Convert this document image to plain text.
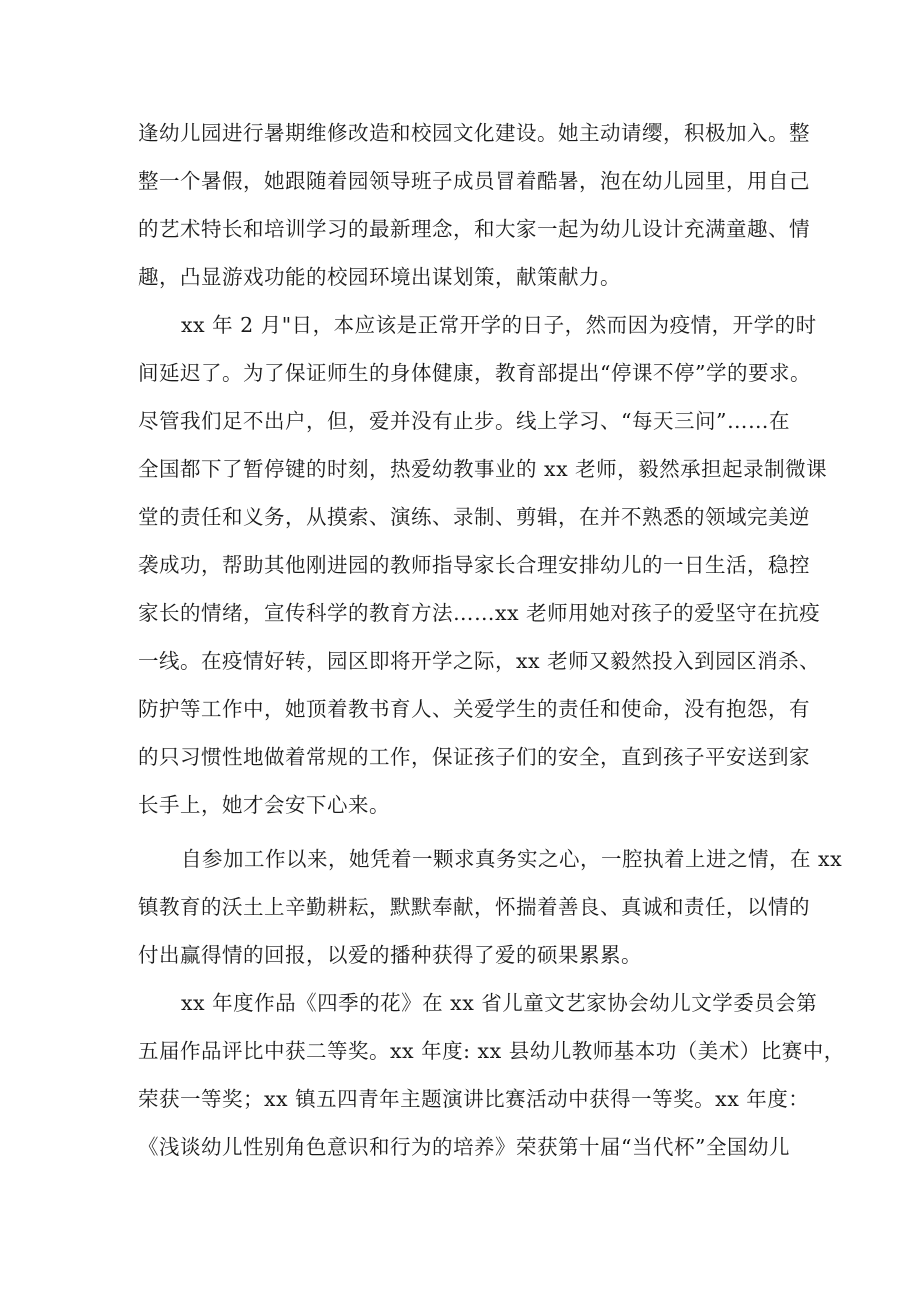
逢幼儿园进行暑期维修改造和校园文化建设。她主动请缨，积极加入。整
整一个暑假，她跟随着园领导班子成员冒着酷暑，泡在幼儿园里，用自己
的艺术特长和培训学习的最新理念，和大家一起为幼儿设计充满童趣、情
趣，凸显游戏功能的校园环境出谋划策，献策献力。
xx 年 2 月"日，本应该是正常开学的日子，然而因为疫情，开学的时
间延迟了。为了保证师生的身体健康，教育部提出“停课不停”学的要求。
尽管我们足不出户，但，爱并没有止步。线上学习、“每天三问”……在
全国都下了暂停键的时刻，热爱幼教事业的 xx 老师，毅然承担起录制微课
堂的责任和义务，从摸索、演练、录制、剪辑，在并不熟悉的领域完美逆
袭成功，帮助其他刚进园的教师指导家长合理安排幼儿的一日生活，稳控
家长的情绪，宣传科学的教育方法……xx 老师用她对孩子的爱坚守在抗疫
一线。在疫情好转，园区即将开学之际，xx 老师又毅然投入到园区消杀、
防护等工作中，她顶着教书育人、关爱学生的责任和使命，没有抱怨，有
的只习惯性地做着常规的工作，保证孩子们的安全，直到孩子平安送到家
长手上，她才会安下心来。
自参加工作以来，她凭着一颗求真务实之心，一腔执着上进之情，在 xx
镇教育的沃土上辛勤耕耘，默默奉献，怀揣着善良、真诚和责任，以情的
付出赢得情的回报，以爱的播种获得了爱的硕果累累。
xx 年度作品《四季的花》在 xx 省儿童文艺家协会幼儿文学委员会第
五届作品评比中获二等奖。xx 年度: xx 县幼儿教师基本功（美术）比赛中，
荣获一等奖；xx 镇五四青年主题演讲比赛活动中获得一等奖。xx 年度：
《浅谈幼儿性别角色意识和行为的培养》荣获第十届“当代杯”全国幼儿
